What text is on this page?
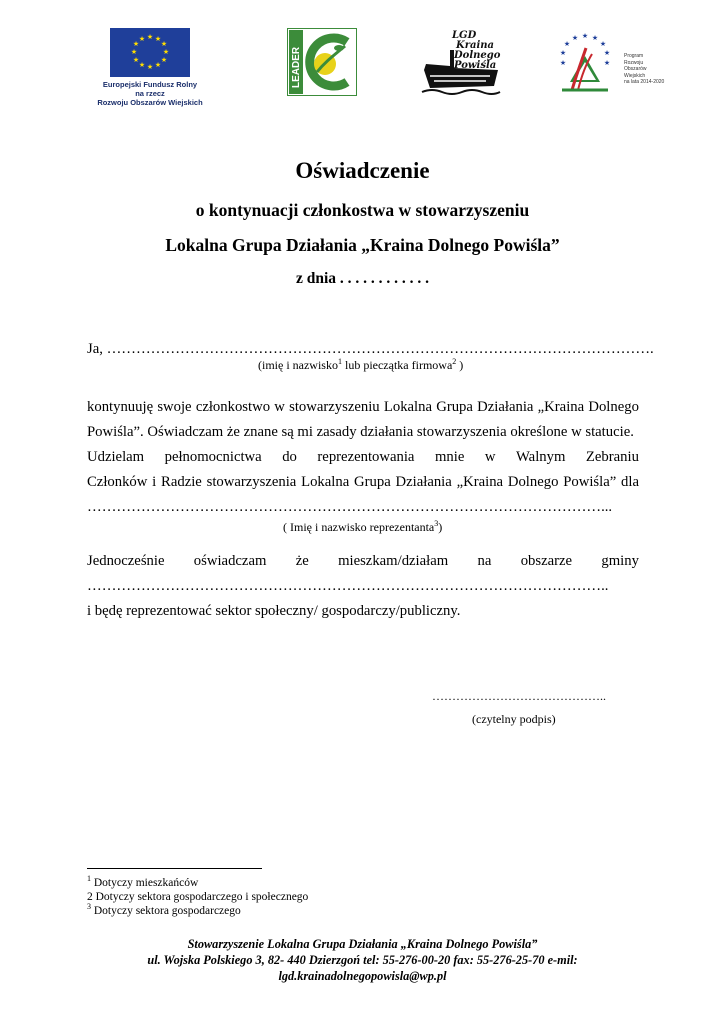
★ ★
★
★
★
★
★
★
★
★
★
★
Europejski Fundusz Rolny
na rzecz
Rozwoju Obszarów Wiejskich
LEADER
LGD
Kraina
Dolnego
Powiśla
★ ★
★
★
★
★
★
★	★
Program
Rozwoju
Obszarów
Wiejskich
na lata 2014-2020
Oświadczenie
o kontynuacji członkostwa w stowarzyszeniu
Lokalna Grupa Działania „Kraina Dolnego Powiśla”
z dnia . . . . . . . . . . . .
Ja, ………………………………………………………………………………………………….
(imię i nazwisko$^1$ lub pieczątka firmowa$^2$ )
kontynuuję swoje członkostwo w stowarzyszeniu Lokalna Grupa Działania „Kraina Dolnego
Powiśla”. Oświadczam że znane są mi zasady działania stowarzyszenia określone w statucie.
Udzielam pełnomocnictwa do reprezentowania mnie w Walnym Zebraniu
Członków i Radzie stowarzyszenia Lokalna Grupa Działania „Kraina Dolnego Powiśla” dla
……………………………………………………………………………………………...
( Imię i nazwisko reprezentanta$^3$)
Jednocześnie oświadczam że mieszkam/działam na obszarze gminy
……………………………………………………………………………………………..
i będę reprezentować sektor społeczny/ gospodarczy/publiczny.
……………………………………..
(czytelny podpis)
$^1$ Dotyczy mieszkańców
2 Dotyczy sektora gospodarczego i społecznego
$^3$ Dotyczy sektora gospodarczego
Stowarzyszenie Lokalna Grupa Działania „Kraina Dolnego Powiśla”
ul. Wojska Polskiego 3, 82- 440 Dzierzgoń tel: 55-276-00-20 fax: 55-276-25-70 e-mil:
lgd.krainadolnegopowisla@wp.pl
